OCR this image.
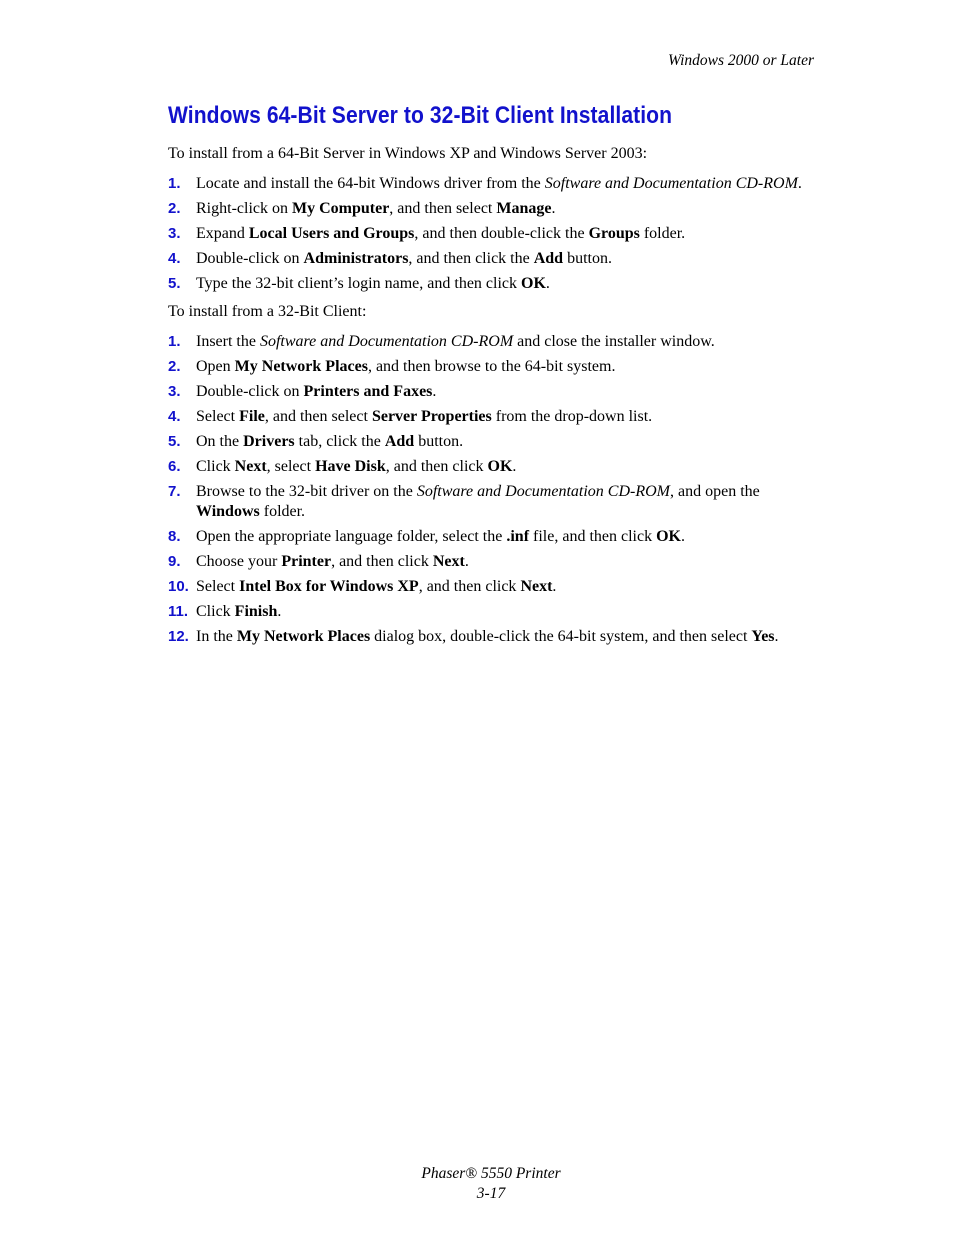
Windows 2000 or Later
Windows 64-Bit Server to 32-Bit Client Installation

To install from a 64-Bit Server in Windows XP and Windows Server 2003:

1. Locate and install the 64-bit Windows driver from the Software and Documentation CD-ROM.
2. Right-click on My Computer, and then select Manage.
3. Expand Local Users and Groups, and then double-click the Groups folder.
4. Double-click on Administrators, and then click the Add button.
5. Type the 32-bit client’s login name, and then click OK.

To install from a 32-Bit Client:

1. Insert the Software and Documentation CD-ROM and close the installer window.
2. Open My Network Places, and then browse to the 64-bit system.
3. Double-click on Printers and Faxes.
4. Select File, and then select Server Properties from the drop-down list.
5. On the Drivers tab, click the Add button.
6. Click Next, select Have Disk, and then click OK.
7. Browse to the 32-bit driver on the Software and Documentation CD-ROM, and open the Windows folder.
8. Open the appropriate language folder, select the .inf file, and then click OK.
9. Choose your Printer, and then click Next.
10. Select Intel Box for Windows XP, and then click Next.
11. Click Finish.
12. In the My Network Places dialog box, double-click the 64-bit system, and then select Yes.
Phaser® 5550 Printer
3-17
